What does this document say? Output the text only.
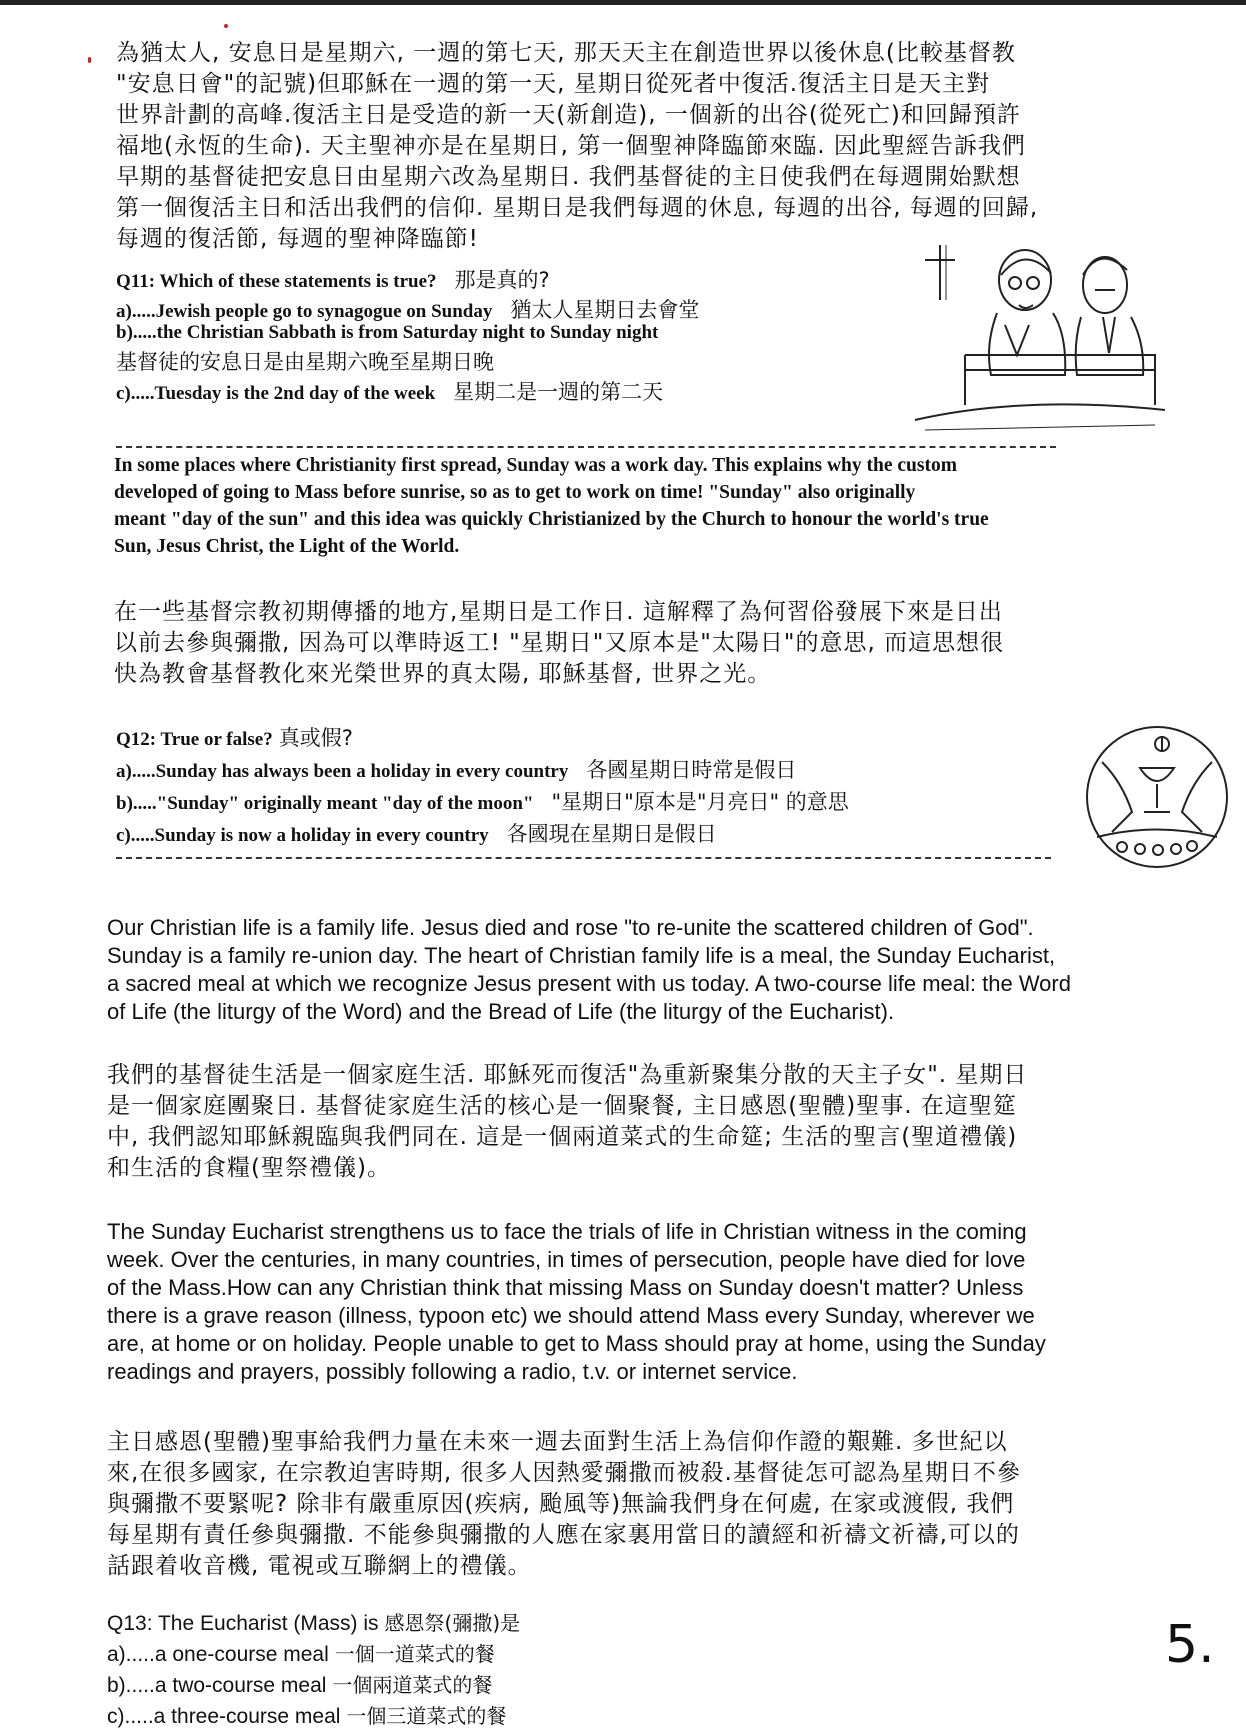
為猶太人, 安息日是星期六, 一週的第七天, 那天天主在創造世界以後休息(比較基督教
"安息日會"的記號)但耶穌在一週的第一天, 星期日從死者中復活.復活主日是天主對
世界計劃的高峰.復活主日是受造的新一天(新創造), 一個新的出谷(從死亡)和回歸預許
福地(永恆的生命). 天主聖神亦是在星期日, 第一個聖神降臨節來臨. 因此聖經告訴我們
早期的基督徒把安息日由星期六改為星期日. 我們基督徒的主日使我們在每週開始默想
第一個復活主日和活出我們的信仰. 星期日是我們每週的休息, 每週的出谷, 每週的回歸,
每週的復活節, 每週的聖神降臨節!
Q11: Which of these statements is true? 那是真的?
a).....Jewish people go to synagogue on Sunday 猶太人星期日去會堂
b).....the Christian Sabbath is from Saturday night to Sunday night
基督徒的安息日是由星期六晚至星期日晚
c).....Tuesday is the 2nd day of the week 星期二是一週的第二天
In some places where Christianity first spread, Sunday was a work day. This explains why the custom
developed of going to Mass before sunrise, so as to get to work on time! "Sunday" also originally
meant "day of the sun" and this idea was quickly Christianized by the Church to honour the world's true
Sun, Jesus Christ, the Light of the World.
在一些基督宗教初期傳播的地方,星期日是工作日. 這解釋了為何習俗發展下來是日出
以前去參與彌撒, 因為可以準時返工! "星期日"又原本是"太陽日"的意思, 而這思想很
快為教會基督教化來光榮世界的真太陽, 耶穌基督, 世界之光。
Q12: True or false? 真或假?
a).....Sunday has always been a holiday in every country 各國星期日時常是假日
b)....."Sunday" originally meant "day of the moon" "星期日"原本是"月亮日" 的意思
c).....Sunday is now a holiday in every country 各國現在星期日是假日
Our Christian life is a family life. Jesus died and rose "to re-unite the scattered children of God".
Sunday is a family re-union day. The heart of Christian family life is a meal, the Sunday Eucharist,
a sacred meal at which we recognize Jesus present with us today. A two-course life meal: the Word
of Life (the liturgy of the Word) and the Bread of Life (the liturgy of the Eucharist).
我們的基督徒生活是一個家庭生活. 耶穌死而復活"為重新聚集分散的天主子女". 星期日
是一個家庭團聚日. 基督徒家庭生活的核心是一個聚餐, 主日感恩(聖體)聖事. 在這聖筵
中, 我們認知耶穌親臨與我們同在. 這是一個兩道菜式的生命筵; 生活的聖言(聖道禮儀)
和生活的食糧(聖祭禮儀)。
The Sunday Eucharist strengthens us to face the trials of life in Christian witness in the coming
week. Over the centuries, in many countries, in times of persecution, people have died for love
of the Mass.How can any Christian think that missing Mass on Sunday doesn't matter? Unless
there is a grave reason (illness, typoon etc) we should attend Mass every Sunday, wherever we
are, at home or on holiday. People unable to get to Mass should pray at home, using the Sunday
readings and prayers, possibly following a radio, t.v. or internet service.
主日感恩(聖體)聖事給我們力量在未來一週去面對生活上為信仰作證的艱難. 多世紀以
來,在很多國家, 在宗教迫害時期, 很多人因熱愛彌撒而被殺.基督徒怎可認為星期日不參
與彌撒不要緊呢? 除非有嚴重原因(疾病, 颱風等)無論我們身在何處, 在家或渡假, 我們
每星期有責任參與彌撒. 不能參與彌撒的人應在家裏用當日的讀經和祈禱文祈禱,可以的
話跟着收音機, 電視或互聯網上的禮儀。
Q13: The Eucharist (Mass) is 感恩祭(彌撒)是
a).....a one-course meal 一個一道菜式的餐
b).....a two-course meal 一個兩道菜式的餐
c).....a three-course meal 一個三道菜式的餐
5.
